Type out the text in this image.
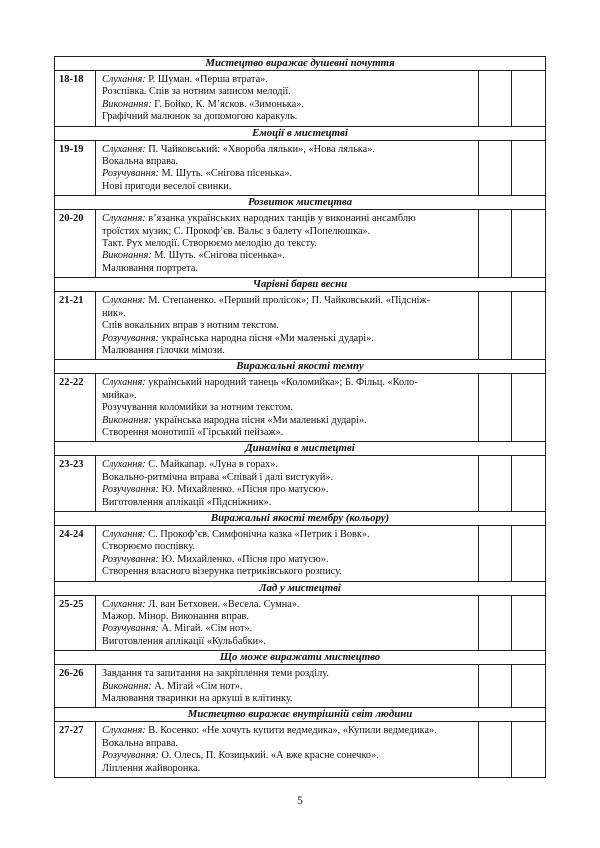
Мистецтво виражає душевні почуття			
18-18	Слухання: Р. Шуман. «Перша втрата».
Розспівка. Спів за нотним записом мелодії.
Виконання: Г. Бойко, К. М’ясков. «Зимонька».
Графічний малюнок за допомогою каракуль.		

Емоції в мистецтві			
19-19	Слухання: П. Чайковський: «Хвороба ляльки», «Нова лялька».
Вокальна вправа.
Розучування: М. Шуть. «Снігова пісенька».
Нові пригоди веселої свинки.		

Розвиток мистецтва			
20-20	Слухання: в’язанка українських народних танців у виконанні ансамблю
троїстих музик; С. Прокоф’єв. Вальс з балету «Попелюшка».
Такт. Рух мелодії. Створюємо мелодію до тексту.
Виконання: М. Шуть. «Снігова пісенька».
Малювання портрета.		

Чарівні барви весни			
21-21	Слухання: М. Степаненко. «Перший пролісок»; П. Чайковський. «Підсніж-
ник».
Спів вокальних вправ з нотним текстом.
Розучування: українська народна пісня «Ми маленькі дударі».
Малювання гілочки мімози.		

Виражальні якості темпу			
22-22	Слухання: український народний танець «Коломийка»; Б. Фільц. «Коло-
мийка».
Розучування коломийки за нотним текстом.
Виконання: українська народна пісня «Ми маленькі дударі».
Створення монотипії «Гірський пейзаж».		

Динаміка в мистецтві			
23-23	Слухання: С. Майкапар. «Луна в горах».
Вокально-ритмічна вправа «Співай і далі вистукуй».
Розучування: Ю. Михайленко. «Пісня про матусю».
Виготовлення аплікації «Підсніжник».		

Виражальні якості тембру (кольору)			
24-24	Слухання: С. Прокоф’єв. Симфонічна казка «Петрик і Вовк».
Створюємо поспівку.
Розучування: Ю. Михайленко. «Пісня про матусю».
Створення власного візерунка петриківського розпису.		

Лад у мистецтві			
25-25	Слухання: Л. ван Бетховен. «Весела. Сумна».
Мажор. Мінор. Виконання вправ.
Розучування: А. Мігай. «Сім нот».
Виготовлення аплікації «Кульбабки».		

Що може виражати мистецтво			
26-26	Завдання та запитання на закріплення теми розділу.
Виконання: А. Мігай «Сім нот».
Малювання тваринки на аркуші в клітинку.		

Мистецтво виражає внутрішній світ людини			
27-27	Слухання: В. Косенко: «Не хочуть купити ведмедика», «Купили ведмедика».
Вокальна вправа.
Розучування: О. Олесь, П. Козицький. «А вже красне сонечко».
Ліплення жайворонка.		

5
